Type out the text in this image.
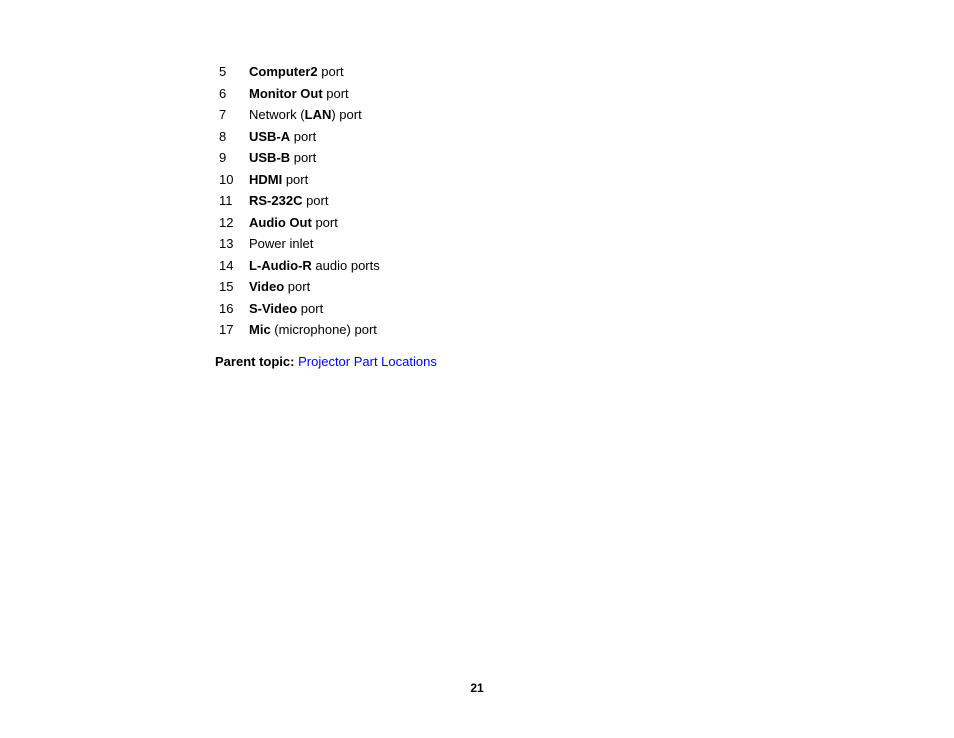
5	Computer2 port
6	Monitor Out port
7	Network (LAN) port
8	USB-A port
9	USB-B port
10	HDMI port
11	RS-232C port
12	Audio Out port
13	Power inlet
14	L-Audio-R audio ports
15	Video port
16	S-Video port
17	Mic (microphone) port
Parent topic: Projector Part Locations
21
